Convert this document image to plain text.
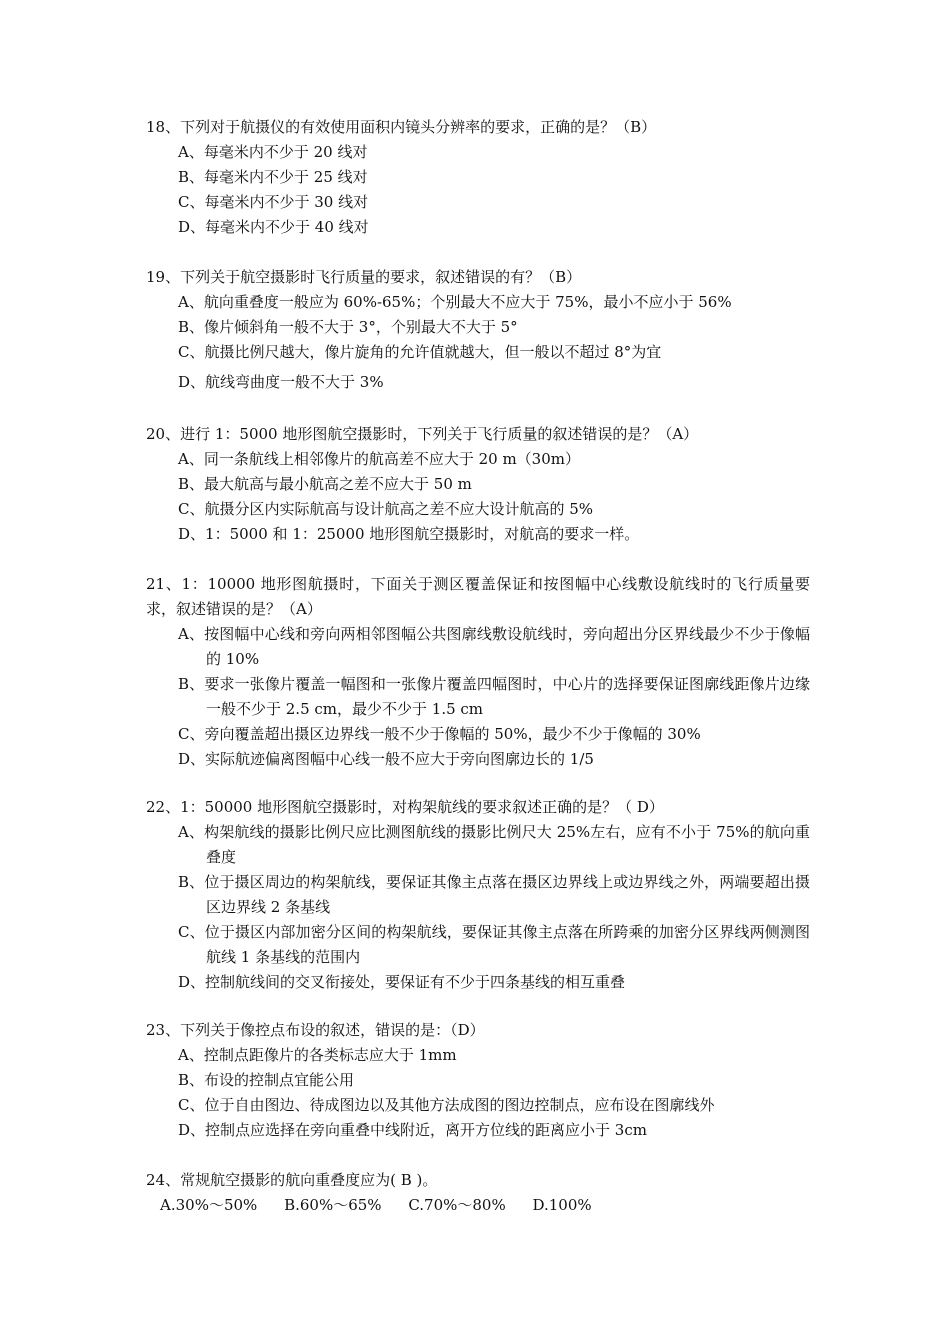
18、下列对于航摄仪的有效使用面积内镜头分辨率的要求，正确的是？（B）
A、每毫米内不少于 20 线对
B、每毫米内不少于 25 线对
C、每毫米内不少于 30 线对
D、每毫米内不少于 40 线对
19、下列关于航空摄影时飞行质量的要求，叙述错误的有？（B）
A、航向重叠度一般应为 60%-65%；个别最大不应大于 75%，最小不应小于 56%
B、像片倾斜角一般不大于 3°，个别最大不大于 5°
C、航摄比例尺越大，像片旋角的允许值就越大，但一般以不超过 8°为宜
D、航线弯曲度一般不大于 3%
20、进行 1：5000 地形图航空摄影时，下列关于飞行质量的叙述错误的是？（A）
A、同一条航线上相邻像片的航高差不应大于 20 m（30m）
B、最大航高与最小航高之差不应大于 50 m
C、航摄分区内实际航高与设计航高之差不应大设计航高的 5%
D、1：5000 和 1：25000 地形图航空摄影时，对航高的要求一样。
21、1：10000 地形图航摄时，下面关于测区覆盖保证和按图幅中心线敷设航线时的飞行质量要求，叙述错误的是？（A）
A、按图幅中心线和旁向两相邻图幅公共图廓线敷设航线时，旁向超出分区界线最少不少于像幅的 10%
B、要求一张像片覆盖一幅图和一张像片覆盖四幅图时，中心片的选择要保证图廓线距像片边缘一般不少于 2.5 cm，最少不少于 1.5 cm
C、旁向覆盖超出摄区边界线一般不少于像幅的 50%，最少不少于像幅的 30%
D、实际航迹偏离图幅中心线一般不应大于旁向图廓边长的 1/5
22、1：50000 地形图航空摄影时，对构架航线的要求叙述正确的是？（ D）
A、构架航线的摄影比例尺应比测图航线的摄影比例尺大 25%左右，应有不小于 75%的航向重叠度
B、位于摄区周边的构架航线，要保证其像主点落在摄区边界线上或边界线之外，两端要超出摄区边界线 2 条基线
C、位于摄区内部加密分区间的构架航线，要保证其像主点落在所跨乘的加密分区界线两侧测图航线 1 条基线的范围内
D、控制航线间的交叉衔接处，要保证有不少于四条基线的相互重叠
23、下列关于像控点布设的叙述，错误的是：（D）
A、控制点距像片的各类标志应大于 1mm
B、布设的控制点宜能公用
C、位于自由图边、待成图边以及其他方法成图的图边控制点，应布设在图廓线外
D、控制点应选择在旁向重叠中线附近，离开方位线的距离应小于 3cm
24、常规航空摄影的航向重叠度应为( B )。
A.30%～50% B.60%～65% C.70%～80% D.100%
